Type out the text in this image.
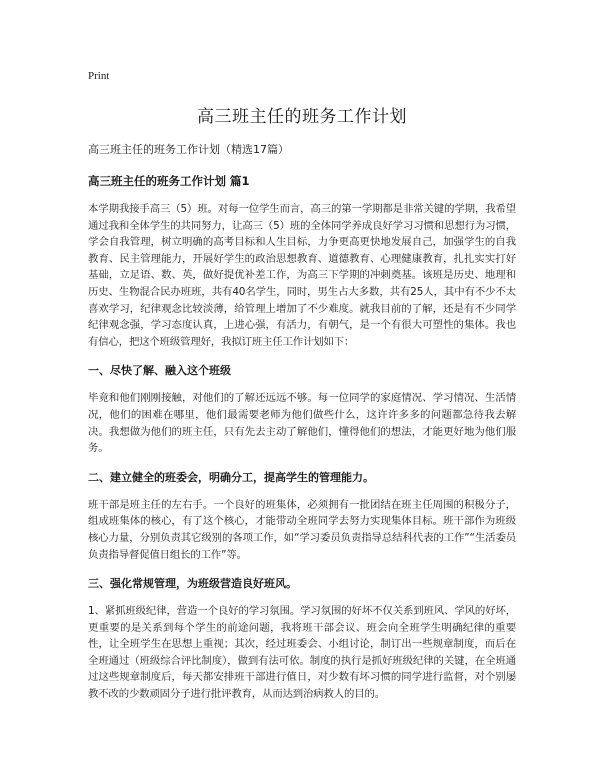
Print
高三班主任的班务工作计划

高三班主任的班务工作计划（精选17篇）

高三班主任的班务工作计划 篇1

本学期我接手高三（5）班。对每一位学生而言，高三的第一学期都是非常关键的学期，我希望通过我和全体学生的共同努力，让高三（5）班的全体同学养成良好学习习惯和思想行为习惯，学会自我管理，树立明确的高考目标和人生目标，力争更高更快地发展自己，加强学生的自我教育、民主管理能力，开展好学生的政治思想教育、道德教育、心理健康教育，扎扎实实打好基础，立足语、数、英，做好提优补差工作，为高三下学期的冲刺奠基。该班是历史、地理和历史、生物混合民办班班，共有40名学生，同时，男生占大多数，共有25人，其中有不少不太喜欢学习，纪律观念比较淡薄，给管理上增加了不少难度。就我目前的了解，还是有不少同学纪律观念强，学习态度认真，上进心强，有活力，有朝气，是一个有很大可塑性的集体。我也有信心，把这个班级管理好，我拟订班主任工作计划如下：

一、尽快了解、融入这个班级

毕竟和他们刚刚接触，对他们的了解还远远不够。每一位同学的家庭情况、学习情况、生活情况，他们的困难在哪里，他们最需要老师为他们做些什么，这许许多多的问题都急待我去解决。我想做为他们的班主任，只有先去主动了解他们，懂得他们的想法，才能更好地为他们服务。

二、建立健全的班委会，明确分工，提高学生的管理能力。

班干部是班主任的左右手。一个良好的班集体，必须拥有一批团结在班主任周围的积极分子，组成班集体的核心，有了这个核心，才能带动全班同学去努力实现集体目标。班干部作为班级核心力量，分别负责其它级别的各项工作，如“学习委员负责指导总结科代表的工作”“生活委员负责指导督促值日组长的工作”等。

三、强化常规管理，为班级营造良好班风。

1、紧抓班级纪律，营造一个良好的学习氛围。学习氛围的好坏不仅关系到班风、学风的好坏，更重要的是关系到每个学生的前途问题，我将班干部会议、班会向全班学生明确纪律的重要性，让全班学生在思想上重视；其次，经过班委会、小组讨论，制订出一些规章制度，而后在全班通过（班级综合评比制度），做到有法可依。制度的执行是抓好班级纪律的关键，在全班通过这些规章制度后，每天都安排班干部进行值日，对少数有坏习惯的同学进行监督，对个别屡教不改的少数顽固分子进行批评教育，从而达到治病救人的目的。
